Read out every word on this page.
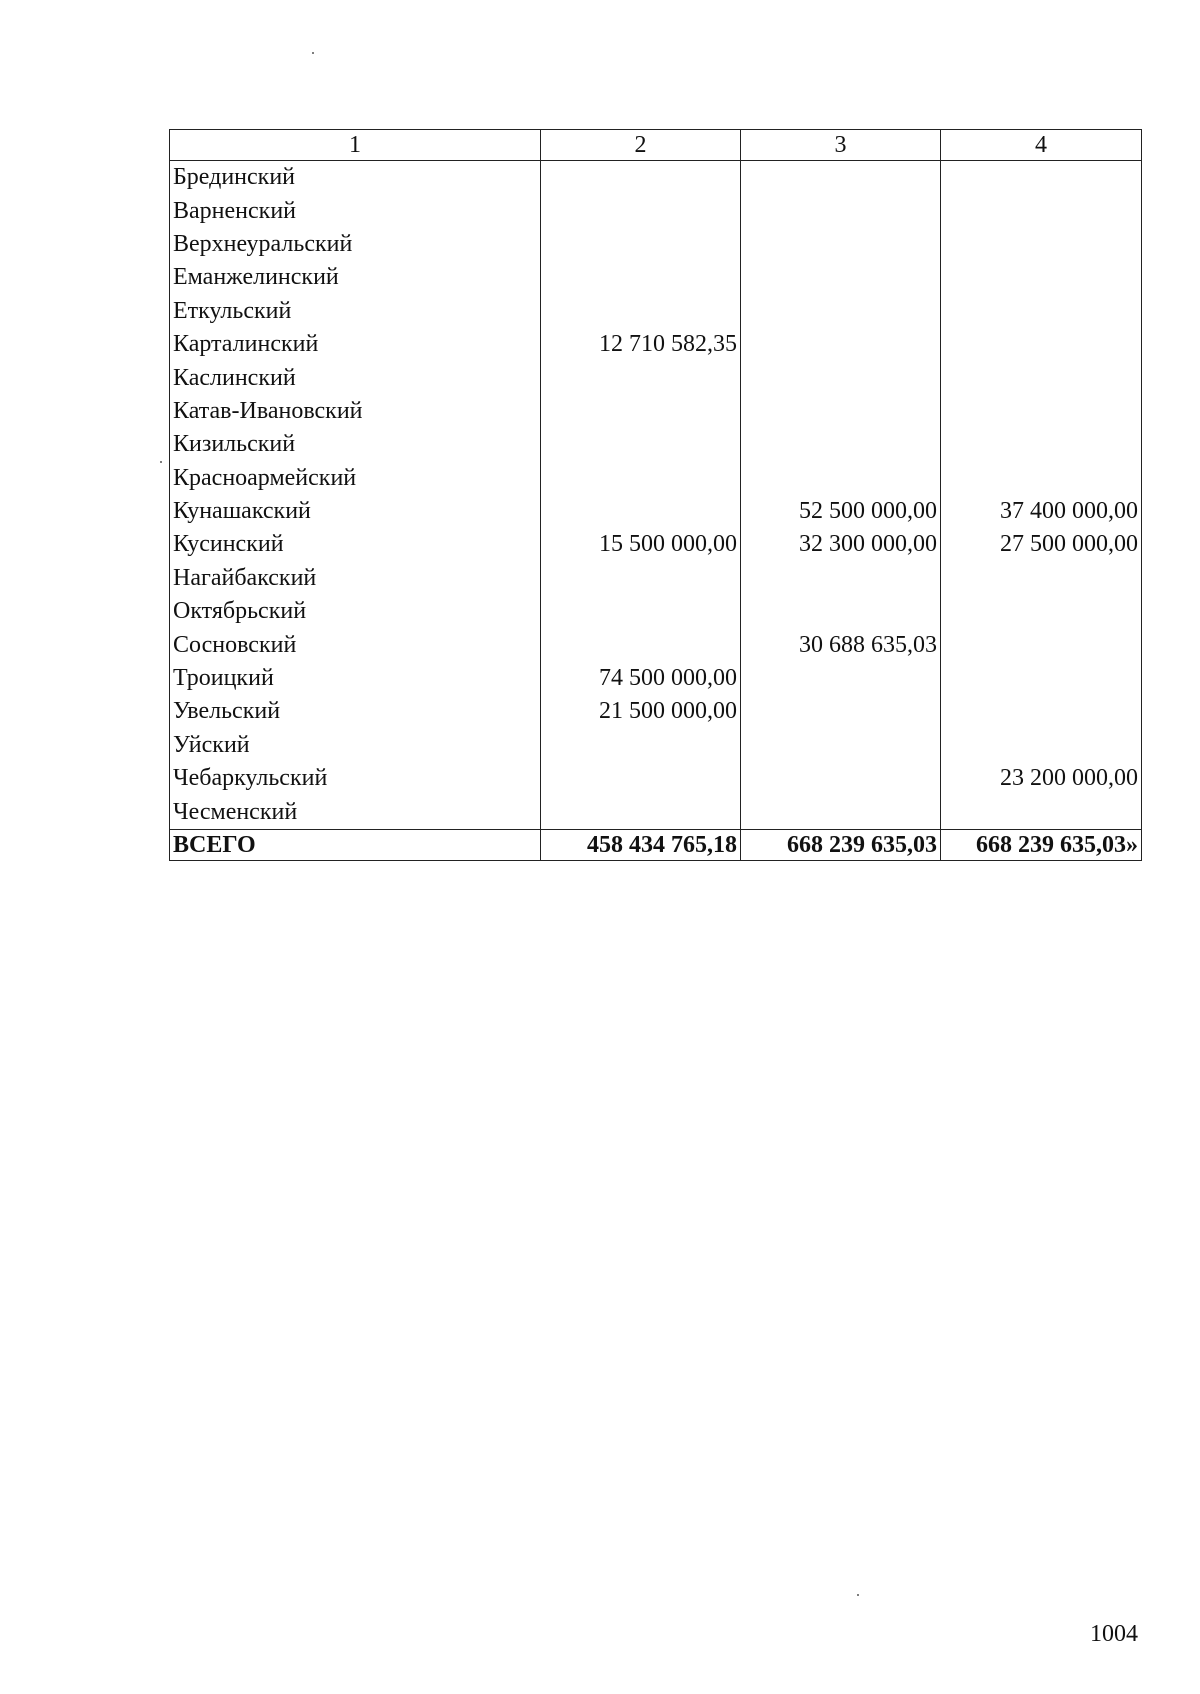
1	2	3	4
Брединский			
Варненский			
Верхнеуральский			
Еманжелинский			
Еткульский			
Карталинский	12 710 582,35		
Каслинский			
Катав-Ивановский			
Кизильский			
Красноармейский			
Кунашакский		52 500 000,00	37 400 000,00
Кусинский	15 500 000,00	32 300 000,00	27 500 000,00
Нагайбакский			
Октябрьский			
Сосновский		30 688 635,03	
Троицкий	74 500 000,00		
Увельский	21 500 000,00		
Уйский			
Чебаркульский			23 200 000,00
Чесменский			
ВСЕГО	458 434 765,18	668 239 635,03	668 239 635,03»
1004
